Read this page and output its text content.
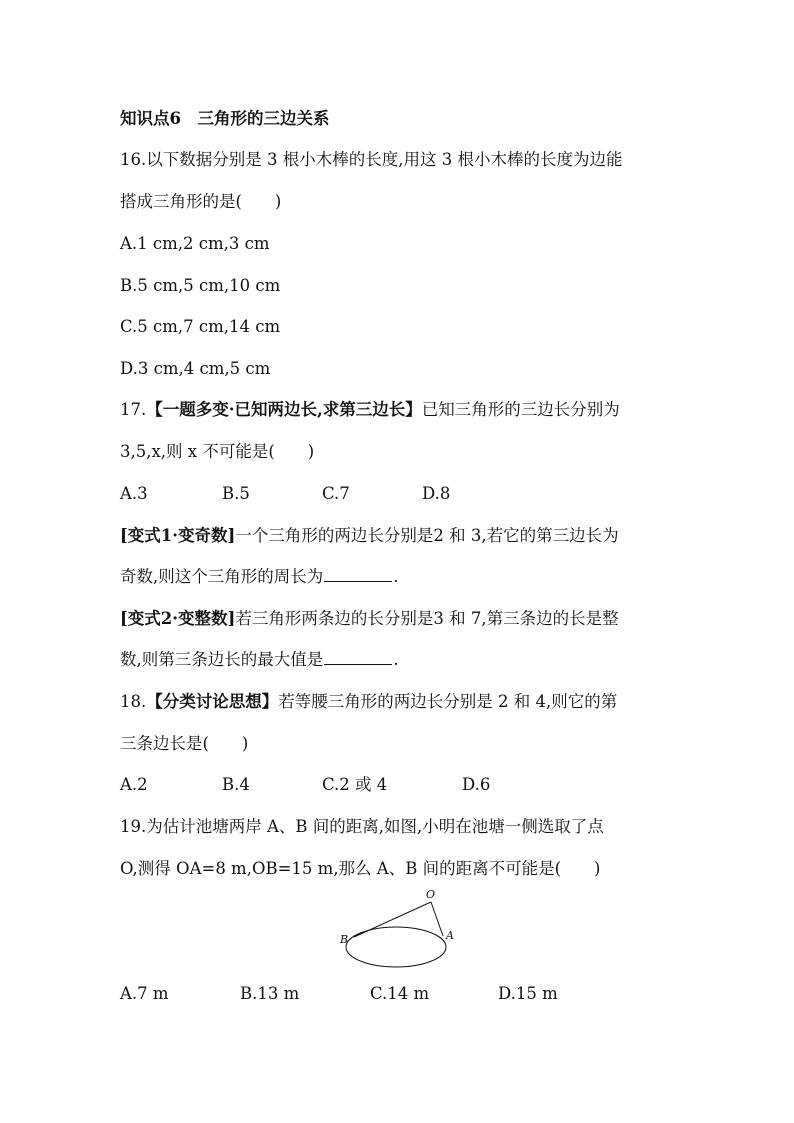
知识点6　三角形的三边关系
16.以下数据分别是 3 根小木棒的长度,用这 3 根小木棒的长度为边能
搭成三角形的是(　　)
A.1 cm,2 cm,3 cm
B.5 cm,5 cm,10 cm
C.5 cm,7 cm,14 cm
D.3 cm,4 cm,5 cm
17.【一题多变·已知两边长,求第三边长】已知三角形的三边长分别为
3,5,x,则 x 不可能是(　　)
A.3	B.5	C.7	D.8
[变式1·变奇数]一个三角形的两边长分别是2 和 3,若它的第三边长为
奇数,则这个三角形的周长为	.
[变式2·变整数]若三角形两条边的长分别是3 和 7,第三条边的长是整
数,则第三条边长的最大值是	.
18.【分类讨论思想】若等腰三角形的两边长分别是 2 和 4,则它的第
三条边长是(　　)
A.2	B.4	C.2 或 4	D.6
19.为估计池塘两岸 A、B 间的距离,如图,小明在池塘一侧选取了点
O,测得 OA=8 m,OB=15 m,那么 A、B 间的距离不可能是(　　)
O
A
B
A.7 m	B.13 m	C.14 m	D.15 m
